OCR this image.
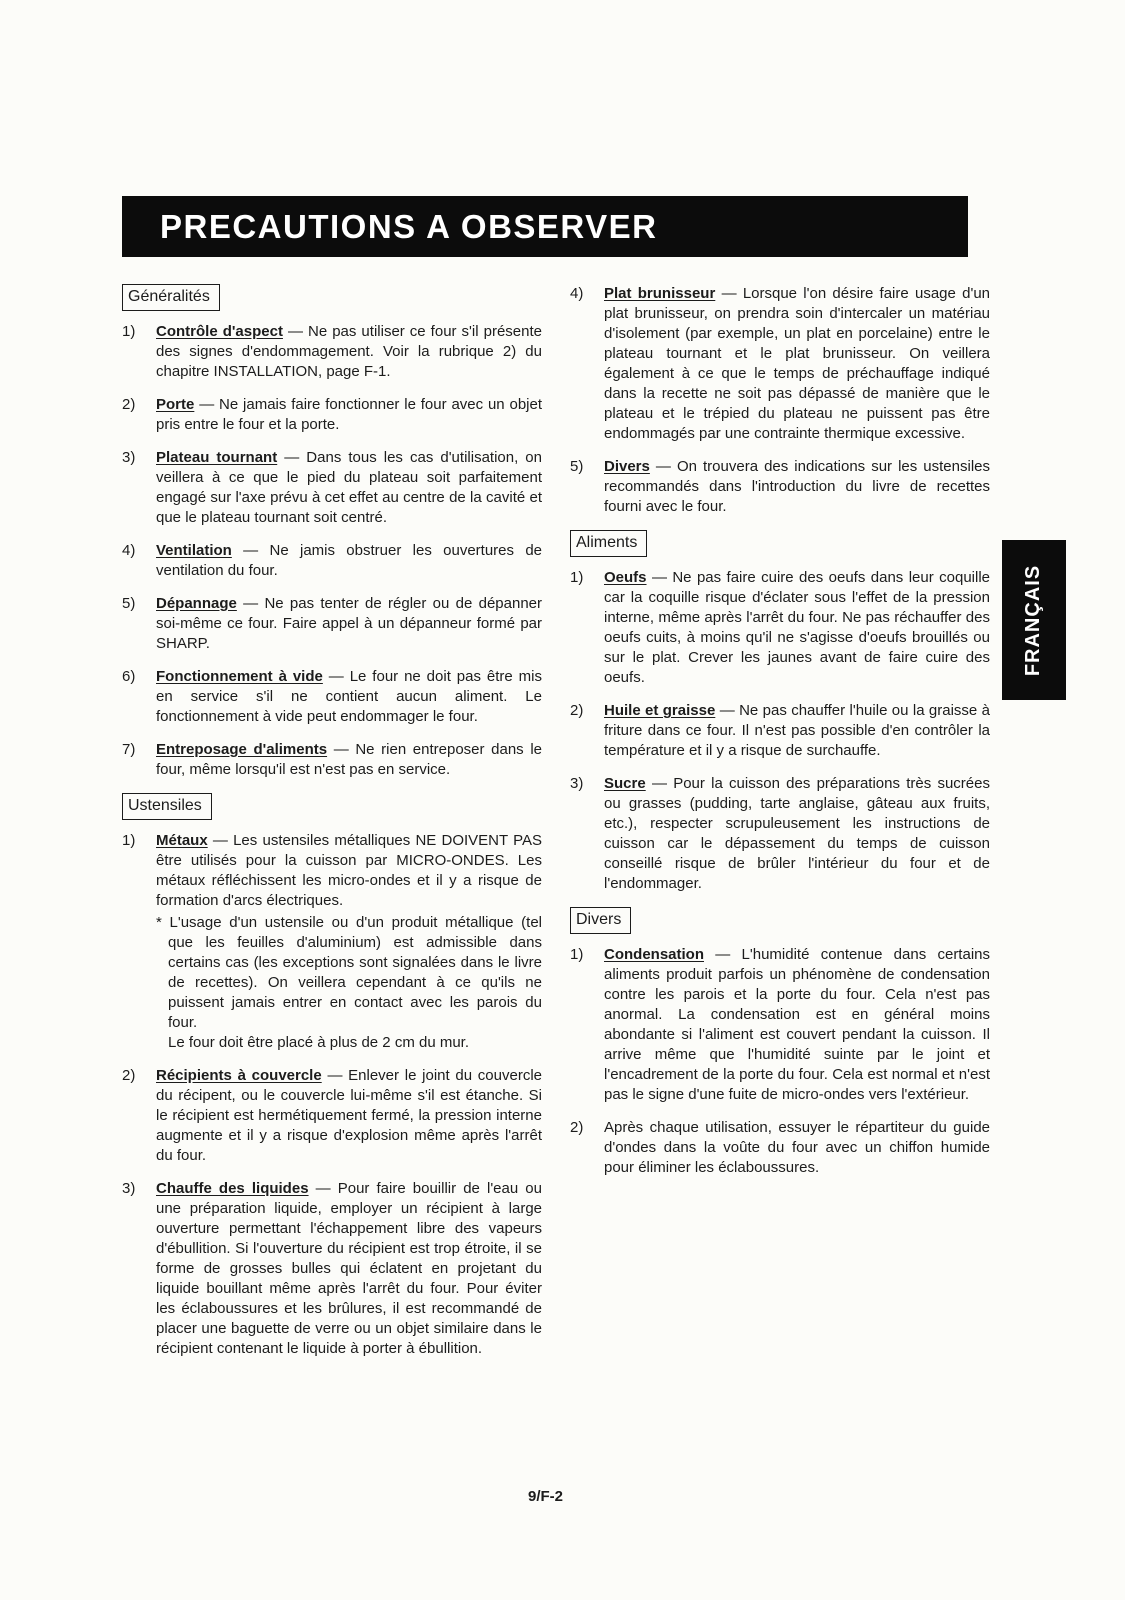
PRECAUTIONS A OBSERVER
Généralités
1)	Contrôle d'aspect — Ne pas utiliser ce four s'il présente des signes d'endommagement. Voir la rubrique 2) du chapitre INSTALLATION, page F-1.

2)	Porte — Ne jamais faire fonctionner le four avec un objet pris entre le four et la porte.

3)	Plateau tournant — Dans tous les cas d'utilisation, on veillera à ce que le pied du plateau soit parfaitement engagé sur l'axe prévu à cet effet au centre de la cavité et que le plateau tournant soit centré.

4)	Ventilation — Ne jamis obstruer les ouvertures de ventilation du four.

5)	Dépannage — Ne pas tenter de régler ou de dépanner soi-même ce four. Faire appel à un dépanneur formé par SHARP.

6)	Fonctionnement à vide — Le four ne doit pas être mis en service s'il ne contient aucun aliment. Le fonctionnement à vide peut endommager le four.

7)	Entreposage d'aliments — Ne rien entreposer dans le four, même lorsqu'il est n'est pas en service.

Ustensiles
1)	Métaux — Les ustensiles métalliques NE DOIVENT PAS être utilisés pour la cuisson par MICRO-ONDES. Les métaux réfléchissent les micro-ondes et il y a risque de formation d'arcs électriques.

* L'usage d'un ustensile ou d'un produit métallique (tel que les feuilles d'aluminium) est admissible dans certains cas (les exceptions sont signalées dans le livre de recettes). On veillera cependant à ce qu'ils ne puissent jamais entrer en contact avec les parois du four.

Le four doit être placé à plus de 2 cm du mur.

2)	Récipients à couvercle — Enlever le joint du couvercle du récipent, ou le couvercle lui-même s'il est étanche. Si le récipient est hermétiquement fermé, la pression interne augmente et il y a risque d'explosion même après l'arrêt du four.

3)	Chauffe des liquides — Pour faire bouillir de l'eau ou une préparation liquide, employer un récipient à large ouverture permettant l'échappement libre des vapeurs d'ébullition. Si l'ouverture du récipient est trop étroite, il se forme de grosses bulles qui éclatent en projetant du liquide bouillant même après l'arrêt du four. Pour éviter les éclaboussures et les brûlures, il est recommandé de placer une baguette de verre ou un objet similaire dans le récipient contenant le liquide à porter à ébullition.

4)	Plat brunisseur — Lorsque l'on désire faire usage d'un plat brunisseur, on prendra soin d'intercaler un matériau d'isolement (par exemple, un plat en porcelaine) entre le plateau tournant et le plat brunisseur. On veillera également à ce que le temps de préchauffage indiqué dans la recette ne soit pas dépassé de manière que le plateau et le trépied du plateau ne puissent pas être endommagés par une contrainte thermique excessive.

5)	Divers — On trouvera des indications sur les ustensiles recommandés dans l'introduction du livre de recettes fourni avec le four.

Aliments
1)	Oeufs — Ne pas faire cuire des oeufs dans leur coquille car la coquille risque d'éclater sous l'effet de la pression interne, même après l'arrêt du four. Ne pas réchauffer des oeufs cuits, à moins qu'il ne s'agisse d'oeufs brouillés ou sur le plat. Crever les jaunes avant de faire cuire des oeufs.

2)	Huile et graisse — Ne pas chauffer l'huile ou la graisse à friture dans ce four. Il n'est pas possible d'en contrôler la température et il y a risque de surchauffe.

3)	Sucre — Pour la cuisson des préparations très sucrées ou grasses (pudding, tarte anglaise, gâteau aux fruits, etc.), respecter scrupuleusement les instructions de cuisson car le dépassement du temps de cuisson conseillé risque de brûler l'intérieur du four et de l'endommager.

Divers
1)	Condensation — L'humidité contenue dans certains aliments produit parfois un phénomène de condensation contre les parois et la porte du four. Cela n'est pas anormal. La condensation est en général moins abondante si l'aliment est couvert pendant la cuisson. Il arrive même que l'humidité suinte par le joint et l'encadrement de la porte du four. Cela est normal et n'est pas le signe d'une fuite de micro-ondes vers l'extérieur.

2)	Après chaque utilisation, essuyer le répartiteur du guide d'ondes dans la voûte du four avec un chiffon humide pour éliminer les éclaboussures.

FRANÇAIS
9/F-2
